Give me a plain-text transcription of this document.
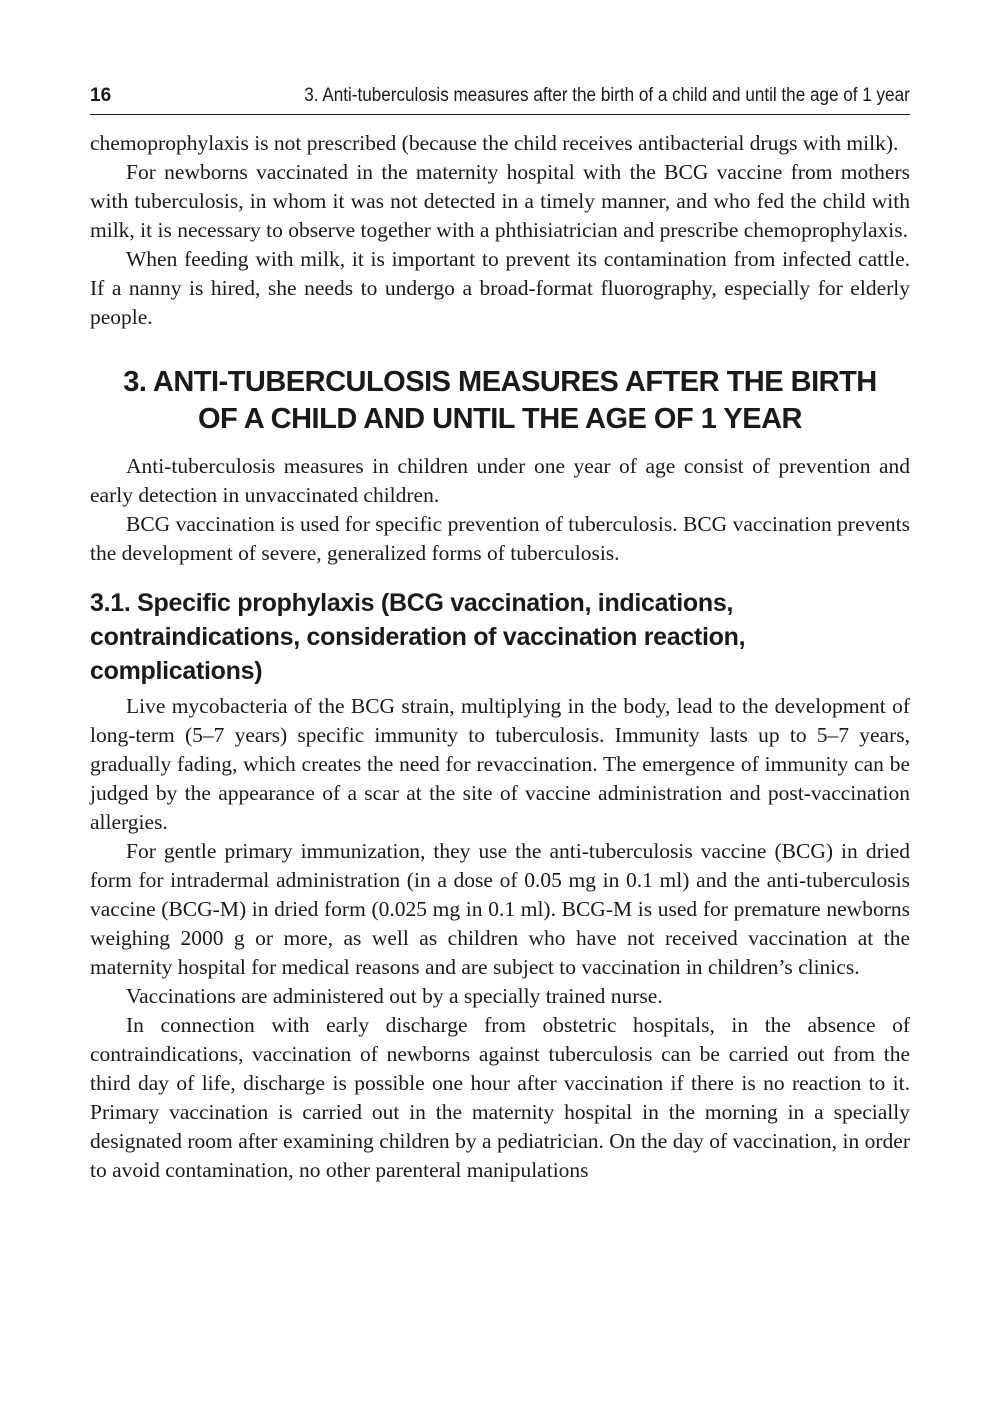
16	3. Anti-tuberculosis measures after the birth of a child and until the age of 1 year

chemoprophylaxis is not prescribed (because the child receives antibacterial drugs with milk).

For newborns vaccinated in the maternity hospital with the BCG vaccine from mothers with tuberculosis, in whom it was not detected in a timely manner, and who fed the child with milk, it is necessary to observe together with a phthisiatrician and prescribe chemoprophylaxis.

When feeding with milk, it is important to prevent its contamination from infected cattle. If a nanny is hired, she needs to undergo a broad-format fluorography, especially for elderly people.

3. ANTI-TUBERCULOSIS MEASURES AFTER THE BIRTH
OF A CHILD AND UNTIL THE AGE OF 1 YEAR

Anti-tuberculosis measures in children under one year of age consist of prevention and early detection in unvaccinated children.

BCG vaccination is used for specific prevention of tuberculosis. BCG vaccination prevents the development of severe, generalized forms of tuberculosis.

3.1. Specific prophylaxis (BCG vaccination, indications,
contraindications, consideration of vaccination reaction,
complications)

Live mycobacteria of the BCG strain, multiplying in the body, lead to the development of long-term (5–7 years) specific immunity to tuberculosis. Immunity lasts up to 5–7 years, gradually fading, which creates the need for revaccination. The emergence of immunity can be judged by the appearance of a scar at the site of vaccine administration and post-vaccination allergies.

For gentle primary immunization, they use the anti-tuberculosis vaccine (BCG) in dried form for intradermal administration (in a dose of 0.05 mg in 0.1 ml) and the anti-tuberculosis vaccine (BCG-M) in dried form (0.025 mg in 0.1 ml). BCG-M is used for premature newborns weighing 2000 g or more, as well as children who have not received vaccination at the maternity hospital for medical reasons and are subject to vaccination in children’s clinics.

Vaccinations are administered out by a specially trained nurse.

In connection with early discharge from obstetric hospitals, in the absence of contraindications, vaccination of newborns against tuberculosis can be carried out from the third day of life, discharge is possible one hour after vaccination if there is no reaction to it. Primary vaccination is carried out in the maternity hospital in the morning in a specially designated room after examining children by a pediatrician. On the day of vaccination, in order to avoid contamination, no other parenteral manipulations
